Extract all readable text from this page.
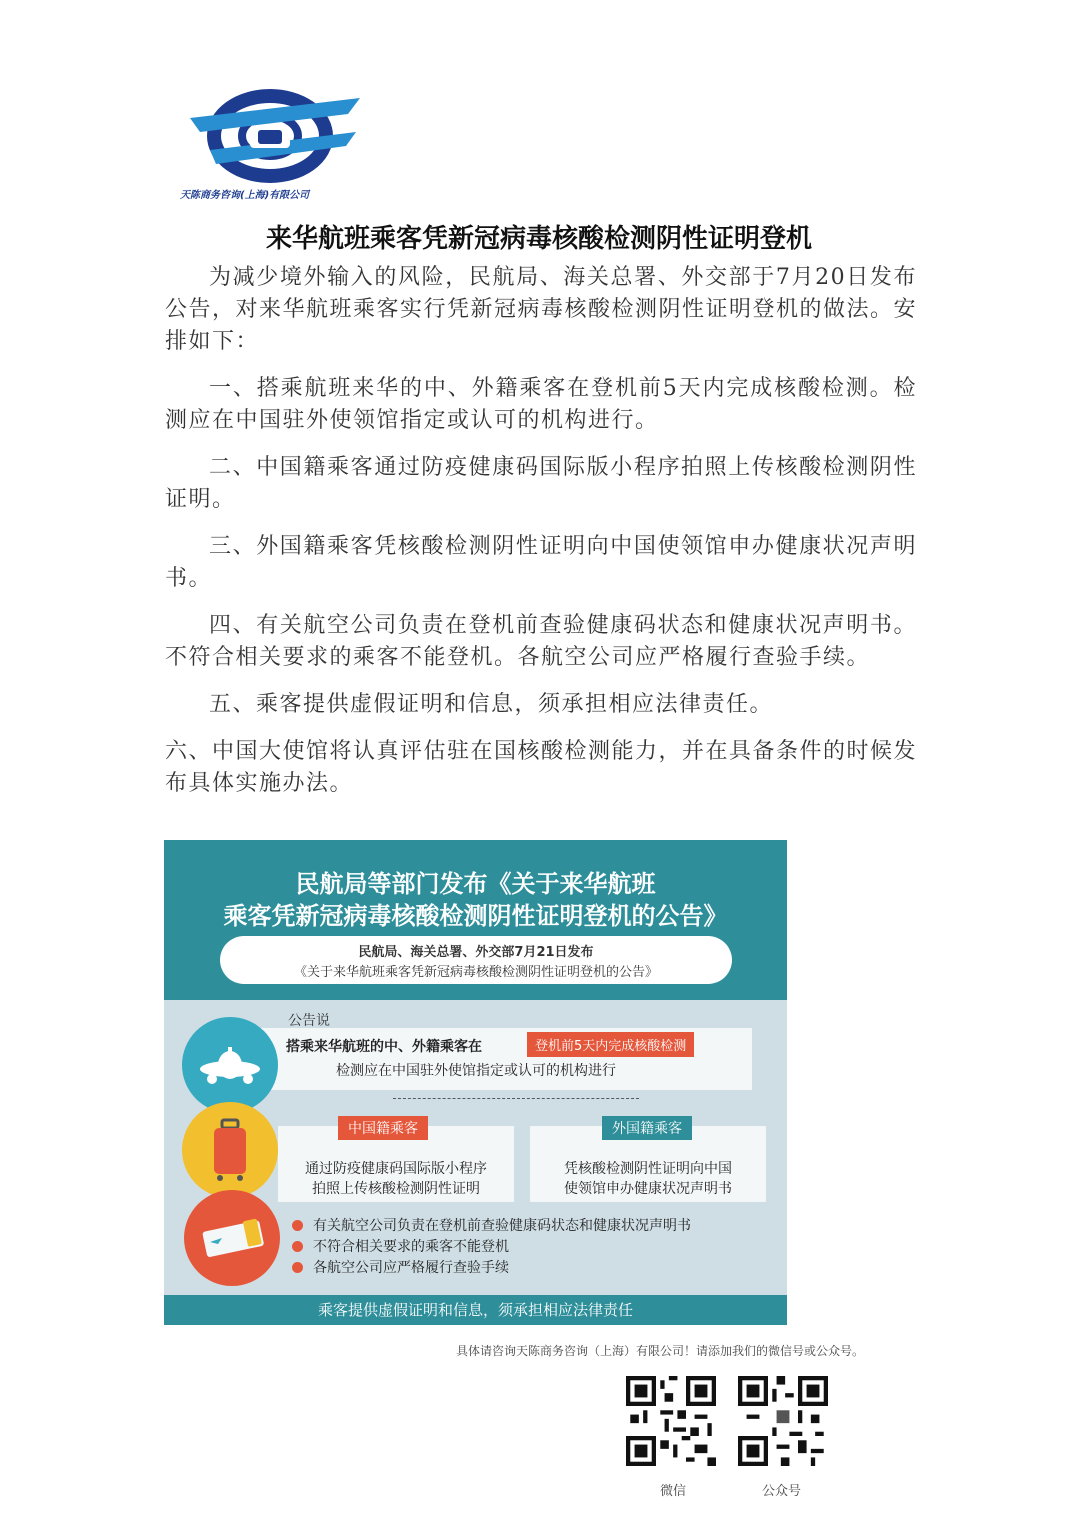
天陈商务咨询(上海)有限公司
来华航班乘客凭新冠病毒核酸检测阴性证明登机

为减少境外输入的风险，民航局、海关总署、外交部于7月20日发布公告，对来华航班乘客实行凭新冠病毒核酸检测阴性证明登机的做法。安排如下：

一、搭乘航班来华的中、外籍乘客在登机前5天内完成核酸检测。检测应在中国驻外使领馆指定或认可的机构进行。

二、中国籍乘客通过防疫健康码国际版小程序拍照上传核酸检测阴性证明。

三、外国籍乘客凭核酸检测阴性证明向中国使领馆申办健康状况声明书。

四、有关航空公司负责在登机前查验健康码状态和健康状况声明书。不符合相关要求的乘客不能登机。各航空公司应严格履行查验手续。

五、乘客提供虚假证明和信息，须承担相应法律责任。

六、中国大使馆将认真评估驻在国核酸检测能力，并在具备条件的时候发布具体实施办法。

民航局等部门发布《关于来华航班
乘客凭新冠病毒核酸检测阴性证明登机的公告》
民航局、海关总署、外交部7月21日发布
《关于来华航班乘客凭新冠病毒核酸检测阴性证明登机的公告》
搭乘来华航班的中、外籍乘客在	登机前5天内完成核酸检测
检测应在中国驻外使馆指定或认可的机构进行
公告说
中国籍乘客
通过防疫健康码国际版小程序
拍照上传核酸检测阴性证明
外国籍乘客
凭核酸检测阴性证明向中国
使领馆申办健康状况声明书
有关航空公司负责在登机前查验健康码状态和健康状况声明书
不符合相关要求的乘客不能登机
各航空公司应严格履行查验手续
乘客提供虚假证明和信息，须承担相应法律责任
具体请咨询天陈商务咨询（上海）有限公司！请添加我们的微信号或公众号。
微信	公众号
